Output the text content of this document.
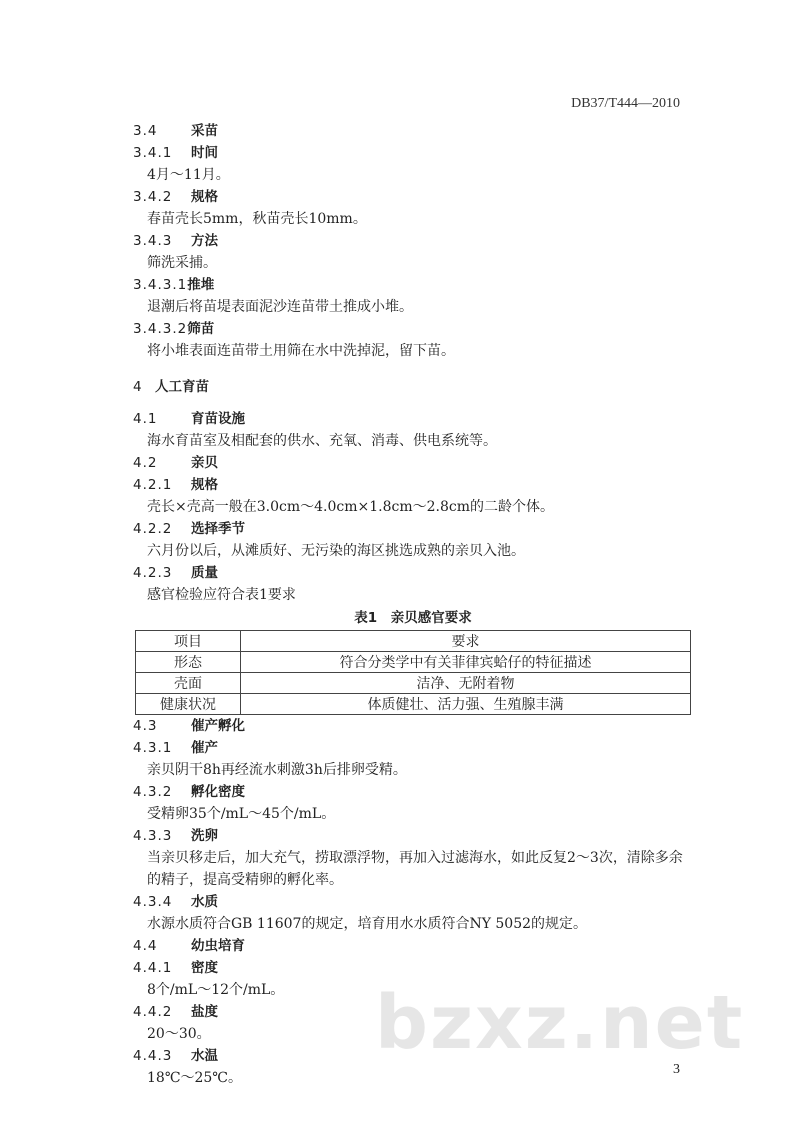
DB37/T444—2010
3.4 采苗
3.4.1 时间
4月～11月。
3.4.2 规格
春苗壳长5mm，秋苗壳长10mm。
3.4.3 方法
筛洗采捕。
3.4.3.1推堆
退潮后将苗堤表面泥沙连苗带土推成小堆。
3.4.3.2筛苗
将小堆表面连苗带土用筛在水中洗掉泥，留下苗。
4 人工育苗
4.1 育苗设施
海水育苗室及相配套的供水、充氧、消毒、供电系统等。
4.2 亲贝
4.2.1 规格
壳长×壳高一般在3.0cm～4.0cm×1.8cm～2.8cm的二龄个体。
4.2.2 选择季节
六月份以后，从滩质好、无污染的海区挑选成熟的亲贝入池。
4.2.3 质量
感官检验应符合表1要求
表1　亲贝感官要求
项目	要求
形态	符合分类学中有关菲律宾蛤仔的特征描述
壳面	洁净、无附着物
健康状况	体质健壮、活力强、生殖腺丰满
4.3 催产孵化
4.3.1 催产
亲贝阴干8h再经流水刺激3h后排卵受精。
4.3.2 孵化密度
受精卵35个/mL～45个/mL。
4.3.3 洗卵
当亲贝移走后，加大充气，捞取漂浮物，再加入过滤海水，如此反复2～3次，清除多余的精子，提高受精卵的孵化率。
4.3.4 水质
水源水质符合GB 11607的规定，培育用水水质符合NY 5052的规定。
4.4 幼虫培育
4.4.1 密度
8个/mL～12个/mL。
4.4.2 盐度
20～30。
4.4.3 水温
18℃～25℃。
bzxz.net
3
